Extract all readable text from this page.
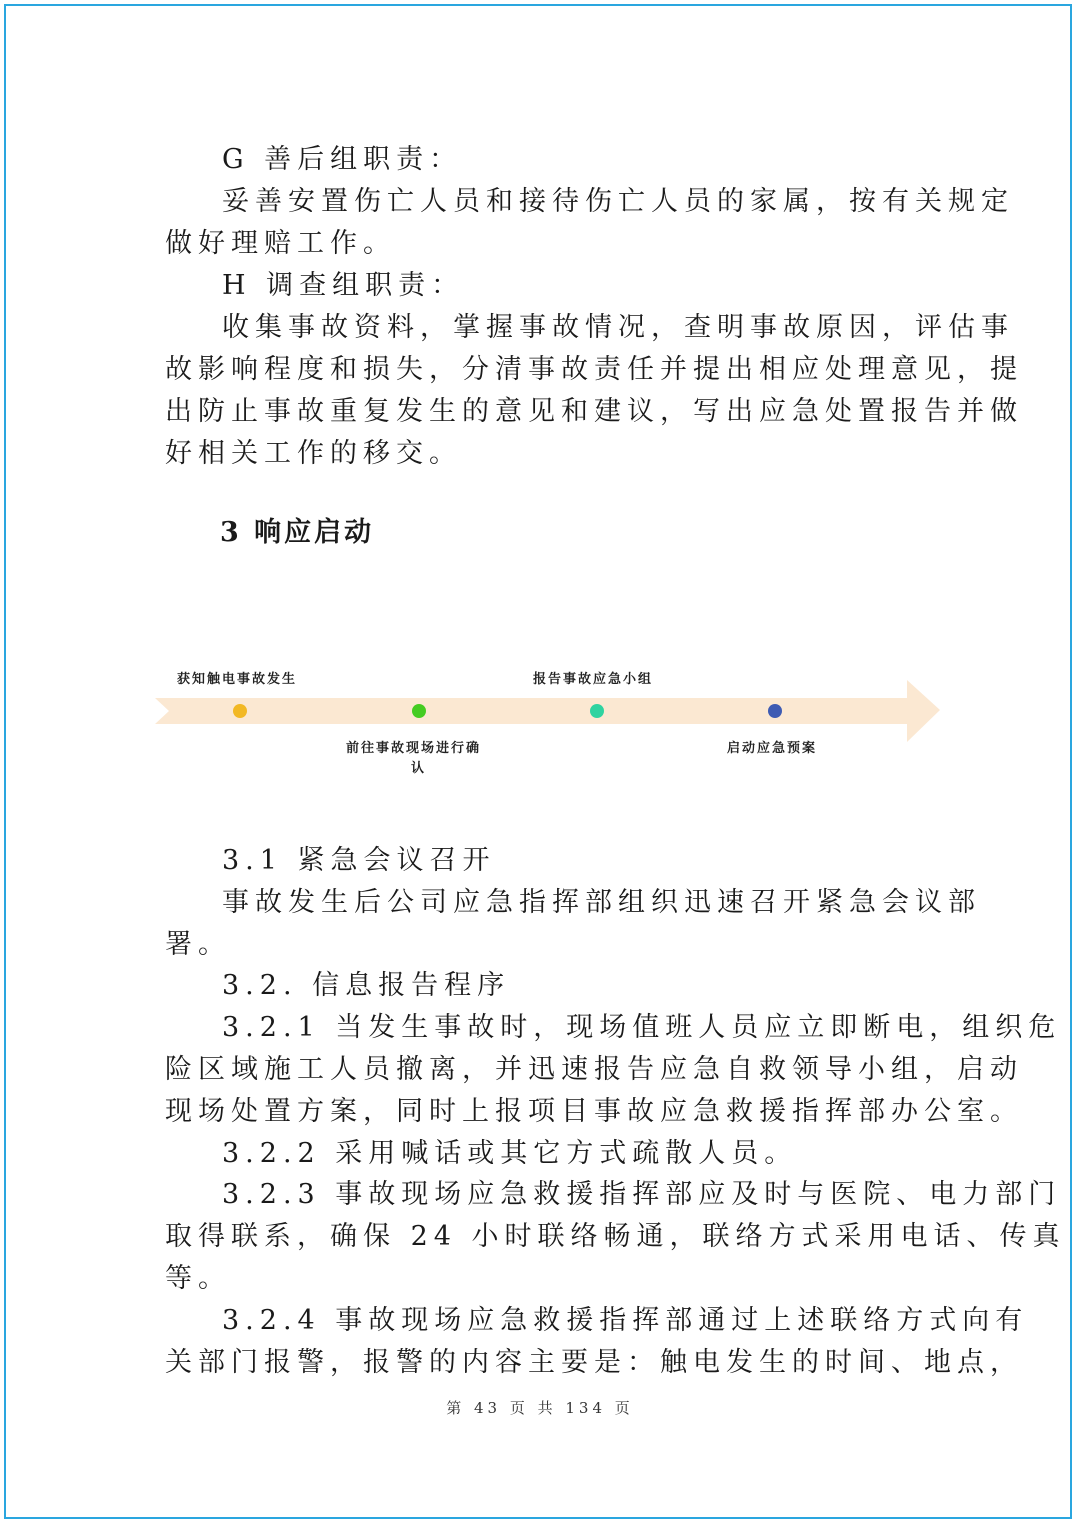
G 善后组职责：

妥善安置伤亡人员和接待伤亡人员的家属，按有关规定

做好理赔工作。

H 调查组职责：

收集事故资料，掌握事故情况，查明事故原因，评估事

故影响程度和损失，分清事故责任并提出相应处理意见，提

出防止事故重复发生的意见和建议，写出应急处置报告并做

好相关工作的移交。

3 响应启动
获知触电事故发生
前往事故现场进行确
认
报告事故应急小组
启动应急预案

3.1 紧急会议召开

事故发生后公司应急指挥部组织迅速召开紧急会议部

署。

3.2. 信息报告程序

3.2.1 当发生事故时，现场值班人员应立即断电，组织危

险区域施工人员撤离，并迅速报告应急自救领导小组，启动

现场处置方案，同时上报项目事故应急救援指挥部办公室。

3.2.2 采用喊话或其它方式疏散人员。

3.2.3 事故现场应急救援指挥部应及时与医院、电力部门

取得联系，确保 24 小时联络畅通，联络方式采用电话、传真

等。

3.2.4 事故现场应急救援指挥部通过上述联络方式向有

关部门报警，报警的内容主要是：触电发生的时间、地点，

第 43 页 共 134 页
